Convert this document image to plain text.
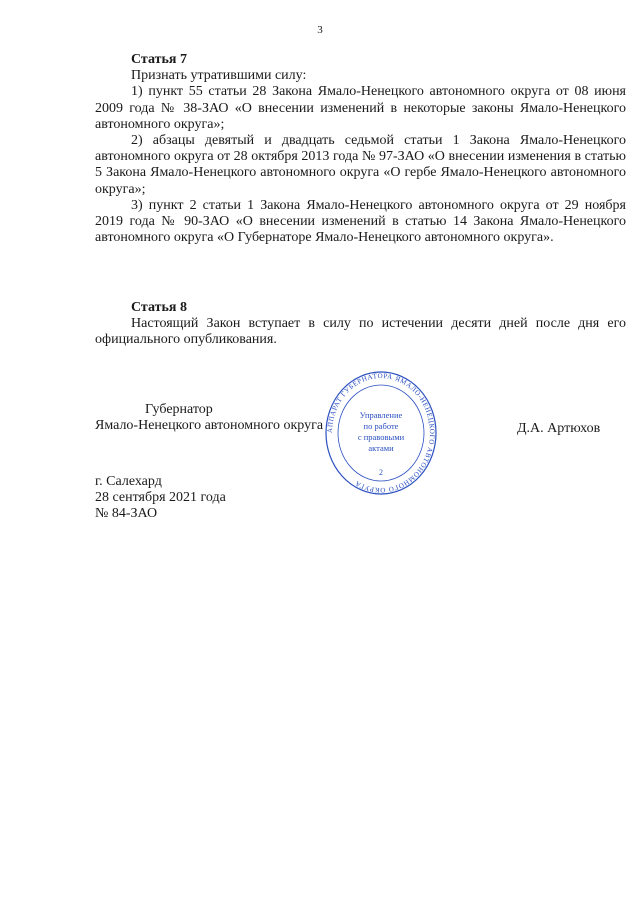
3

Статья 7

Признать утратившими силу:

1) пункт 55 статьи 28 Закона Ямало-Ненецкого автономного округа от 08 июня 2009 года № 38-ЗАО «О внесении изменений в некоторые законы Ямало-Ненецкого автономного округа»;

2) абзацы девятый и двадцать седьмой статьи 1 Закона Ямало-Ненецкого автономного округа от 28 октября 2013 года № 97-ЗАО «О внесении изменения в статью 5 Закона Ямало-Ненецкого автономного округа «О гербе Ямало-Ненецкого автономного округа»;

3) пункт 2 статьи 1 Закона Ямало-Ненецкого автономного округа от 29 ноября 2019 года № 90-ЗАО «О внесении изменений в статью 14 Закона Ямало-Ненецкого автономного округа «О Губернаторе Ямало-Ненецкого автономного округа».

Статья 8

Настоящий Закон вступает в силу по истечении десяти дней после дня его официального опубликования.

АППАРАТ ГУБЕРНАТОРА ЯМАЛО-НЕНЕЦКОГО АВТОНОМНОГО ОКРУГА
Управление
по работе
с правовыми
актами
2
Губернатор
Ямало-Ненецкого автономного округа	Д.А. Артюхов
г. Салехард
28 сентября 2021 года
№ 84-ЗАО
